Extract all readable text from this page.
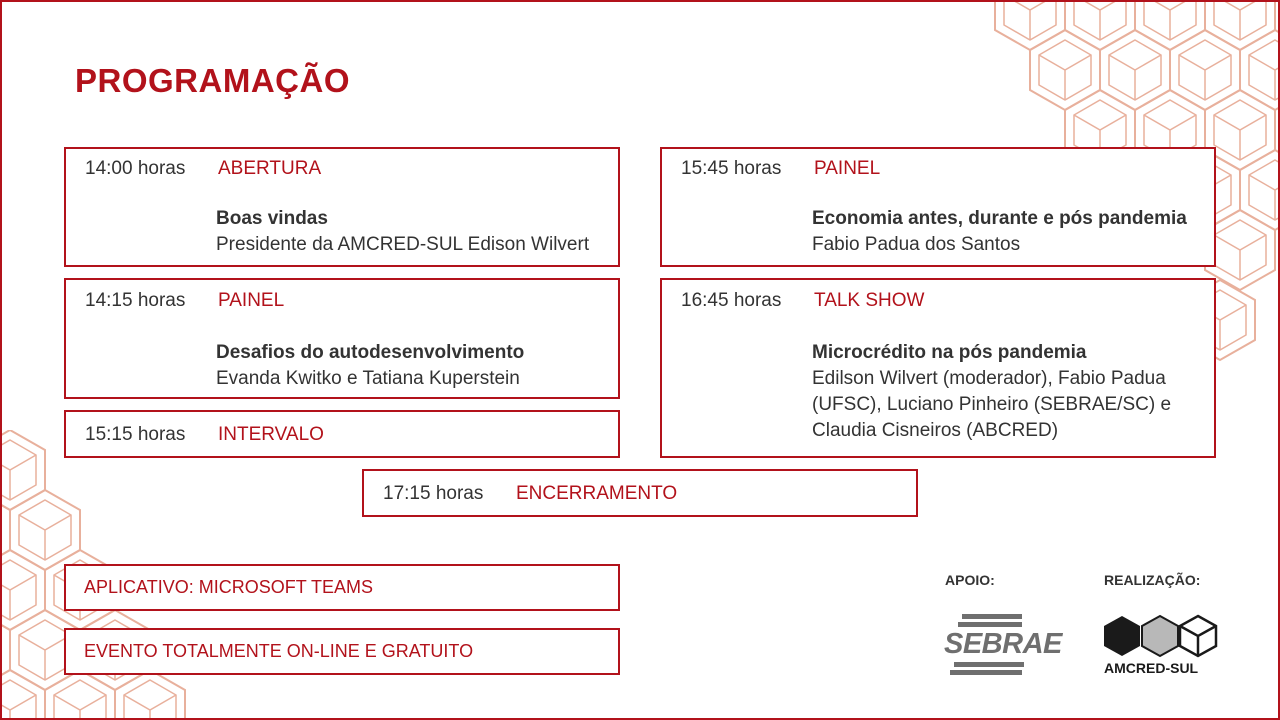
PROGRAMAÇÃO
14:00 horas ABERTURA
Boas vindas
Presidente da AMCRED-SUL Edison Wilvert
14:15 horas PAINEL
Desafios do autodesenvolvimento
Evanda Kwitko e Tatiana Kuperstein
15:15 horas INTERVALO
15:45 horas PAINEL
Economia antes, durante e pós pandemia
Fabio Padua dos Santos
16:45 horas TALK SHOW
Microcrédito na pós pandemia
Edilson Wilvert (moderador), Fabio Padua (UFSC), Luciano Pinheiro (SEBRAE/SC) e Claudia Cisneiros (ABCRED)
17:15 horas ENCERRAMENTO
APLICATIVO: MICROSOFT TEAMS
EVENTO TOTALMENTE ON-LINE E GRATUITO
APOIO:	REALIZAÇÃO:
SEBRAE
AMCRED-SUL
